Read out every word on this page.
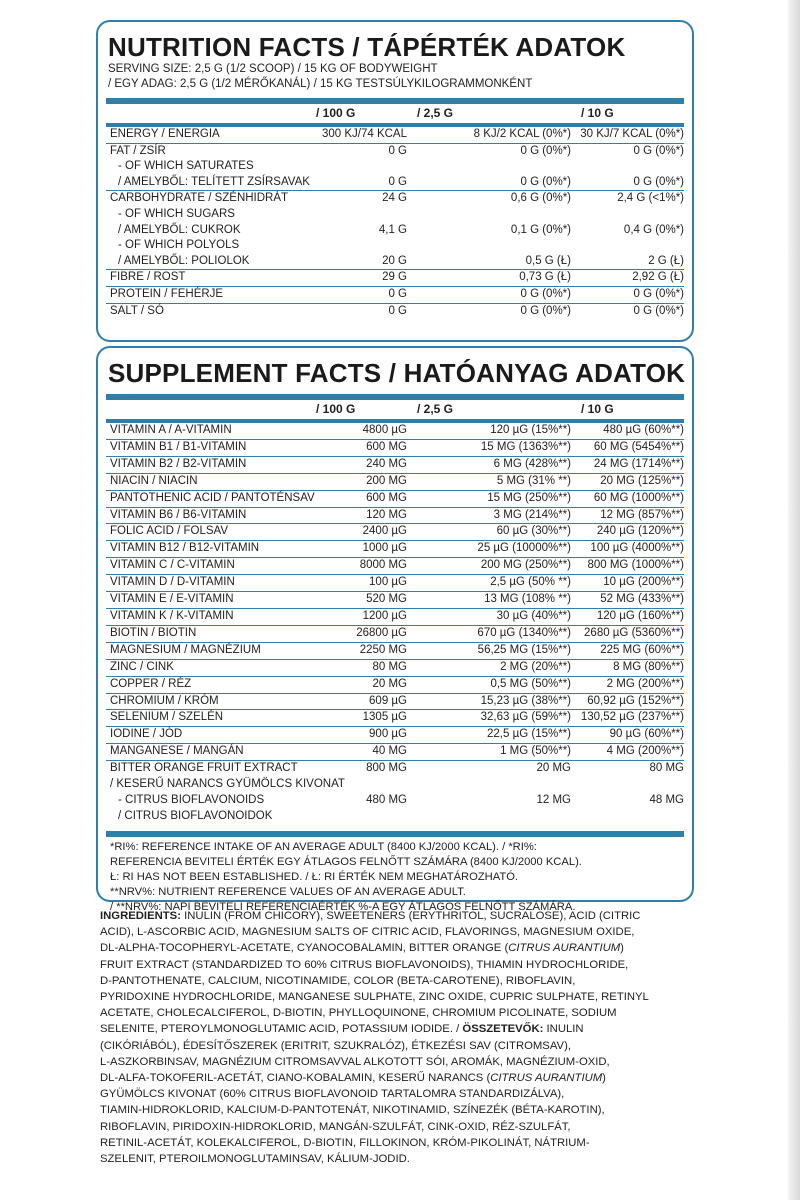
NUTRITION FACTS / TÁPÉRTÉK ADATOK
SERVING SIZE: 2,5 G (1/2 SCOOP) / 15 KG OF BODYWEIGHT
/ EGY ADAG: 2,5 G (1/2 MÉRŐKANÁL) / 15 KG TESTSÚLYKILOGRAMMONKÉNT
/ 100 G	/ 2,5 G	/ 10 G
ENERGY / ENERGIA	300 KJ/74 KCAL	8 KJ/2 KCAL (0%*) 30 KJ/7 KCAL (0%*)
FAT / ZSÍR	0 G	0 G (0%*)	0 G (0%*)
- OF WHICH SATURATES
/ AMELYBŐL: TELÍTETT ZSÍRSAVAK	0 G	0 G (0%*)	0 G (0%*)
CARBOHYDRATE / SZÉNHIDRÁT	24 G	0,6 G (0%*)	2,4 G (<1%*)
- OF WHICH SUGARS
/ AMELYBŐL: CUKROK	4,1 G	0,1 G (0%*)	0,4 G (0%*)
- OF WHICH POLYOLS
/ AMELYBŐL: POLIOLOK	20 G	0,5 G (Ł)	2 G (Ł)
FIBRE / ROST	29 G	0,73 G (Ł)	2,92 G (Ł)
PROTEIN / FEHÉRJE	0 G	0 G (0%*)	0 G (0%*)
SALT / SÓ	0 G	0 G (0%*)	0 G (0%*)
SUPPLEMENT FACTS / HATÓANYAG ADATOK
/ 100 G	/ 2,5 G	/ 10 G
VITAMIN A / A-VITAMIN	4800 µG	120 µG (15%**)	480 µG (60%**)
VITAMIN B1 / B1-VITAMIN	600 MG	15 MG (1363%**)	60 MG (5454%**)
VITAMIN B2 / B2-VITAMIN	240 MG	6 MG (428%**)	24 MG (1714%**)
NIACIN / NIACIN	200 MG	5 MG (31% **)	20 MG (125%**)
PANTOTHENIC ACID / PANTOTÉNSAV	600 MG	15 MG (250%**)	60 MG (1000%**)
VITAMIN B6 / B6-VITAMIN	120 MG	3 MG (214%**)	12 MG (857%**)
FOLIC ACID / FOLSAV	2400 µG	60 µG (30%**)	240 µG (120%**)
VITAMIN B12 / B12-VITAMIN	1000 µG	25 µG (10000%**)	100 µG (4000%**)
VITAMIN C / C-VITAMIN	8000 MG	200 MG (250%**)	800 MG (1000%**)
VITAMIN D / D-VITAMIN	100 µG	2,5 µG (50% **)	10 µG (200%**)
VITAMIN E / E-VITAMIN	520 MG	13 MG (108% **)	52 MG (433%**)
VITAMIN K / K-VITAMIN	1200 µG	30 µG (40%**)	120 µG (160%**)
BIOTIN / BIOTIN	26800 µG	670 µG (1340%**)	2680 µG (5360%**)
MAGNESIUM / MAGNÉZIUM	2250 MG	56,25 MG (15%**)	225 MG (60%**)
ZINC / CINK	80 MG	2 MG (20%**)	8 MG (80%**)
COPPER / RÉZ	20 MG	0,5 MG (50%**)	2 MG (200%**)
CHROMIUM / KRÓM	609 µG	15,23 µG (38%**)	60,92 µG (152%**)
SELENIUM / SZELÉN	1305 µG	32,63 µG (59%**) 130,52 µG (237%**)
IODINE / JÓD	900 µG	22,5 µG (15%**)	90 µG (60%**)
MANGANESE / MANGÁN	40 MG	1 MG (50%**)	4 MG (200%**)
BITTER ORANGE FRUIT EXTRACT	800 MG	20 MG	80 MG
/ KESERŰ NARANCS GYÜMÖLCS KIVONAT
- CITRUS BIOFLAVONOIDS	480 MG	12 MG	48 MG
/ CITRUS BIOFLAVONOIDOK
*RI%: REFERENCE INTAKE OF AN AVERAGE ADULT (8400 KJ/2000 KCAL). / *RI%:
REFERENCIA BEVITELI ÉRTÉK EGY ÁTLAGOS FELNŐTT SZÁMÁRA (8400 KJ/2000 KCAL).
Ł: RI HAS NOT BEEN ESTABLISHED. / Ł: RI ÉRTÉK NEM MEGHATÁROZHATÓ.
**NRV%: NUTRIENT REFERENCE VALUES OF AN AVERAGE ADULT.
/ **NRV%: NAPI BEVITELI REFERENCIAÉRTÉK %-A EGY ÁTLAGOS FELNŐTT SZÁMÁRA.
INGREDIENTS: INULIN (FROM CHICORY), SWEETENERS (ERYTHRITOL, SUCRALOSE), ACID (CITRIC
ACID), L-ASCORBIC ACID, MAGNESIUM SALTS OF CITRIC ACID, FLAVORINGS, MAGNESIUM OXIDE,
DL-ALPHA-TOCOPHERYL-ACETATE, CYANOCOBALAMIN, BITTER ORANGE (CITRUS AURANTIUM)
FRUIT EXTRACT (STANDARDIZED TO 60% CITRUS BIOFLAVONOIDS), THIAMIN HYDROCHLORIDE,
D-PANTOTHENATE, CALCIUM, NICOTINAMIDE, COLOR (BETA-CAROTENE), RIBOFLAVIN,
PYRIDOXINE HYDROCHLORIDE, MANGANESE SULPHATE, ZINC OXIDE, CUPRIC SULPHATE, RETINYL
ACETATE, CHOLECALCIFEROL, D-BIOTIN, PHYLLOQUINONE, CHROMIUM PICOLINATE, SODIUM
SELENITE, PTEROYLMONOGLUTAMIC ACID, POTASSIUM IODIDE. / ÖSSZETEVŐK: INULIN
(CIKÓRIÁBÓL), ÉDESÍTŐSZEREK (ERITRIT, SZUKRALÓZ), ÉTKEZÉSI SAV (CITROMSAV),
L-ASZKORBINSAV, MAGNÉZIUM CITROMSAVVAL ALKOTOTT SÓI, AROMÁK, MAGNÉZIUM-OXID,
DL-ALFA-TOKOFERIL-ACETÁT, CIANO-KOBALAMIN, KESERŰ NARANCS (CITRUS AURANTIUM)
GYÜMÖLCS KIVONAT (60% CITRUS BIOFLAVONOID TARTALOMRA STANDARDIZÁLVA),
TIAMIN-HIDROKLORID, KALCIUM-D-PANTOTENÁT, NIKOTINAMID, SZÍNEZÉK (BÉTA-KAROTIN),
RIBOFLAVIN, PIRIDOXIN-HIDROKLORID, MANGÁN-SZULFÁT, CINK-OXID, RÉZ-SZULFÁT,
RETINIL-ACETÁT, KOLEKALCIFEROL, D-BIOTIN, FILLOKINON, KRÓM-PIKOLINÁT, NÁTRIUM-
SZELENIT, PTEROILMONOGLUTAMINSAV, KÁLIUM-JODID.
